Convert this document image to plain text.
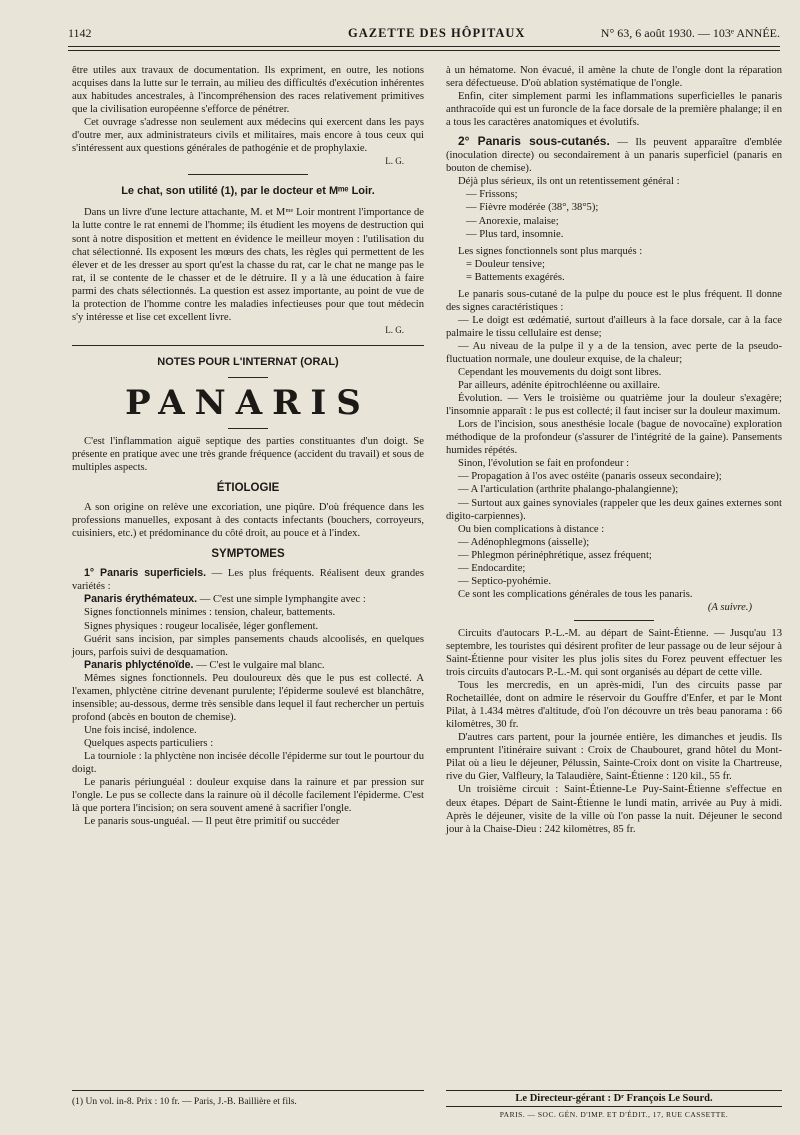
1142	GAZETTE DES HÔPITAUX	N° 63, 6 août 1930. — 103ᵉ ANNÉE.

être utiles aux travaux de documentation. Ils expriment, en outre, les notions acquises dans la lutte sur le terrain, au milieu des difficultés d'exécution inhérentes aux habitudes ancestrales, à l'incompréhension des races relativement primitives que la civilisation européenne s'efforce de pénétrer.

Cet ouvrage s'adresse non seulement aux médecins qui exercent dans les pays d'outre mer, aux administrateurs civils et militaires, mais encore à tous ceux qui s'intéressent aux questions générales de pathogénie et de prophylaxie.

L. G.

Le chat, son utilité (1), par le docteur et Mᵐᵉ Loir.

Dans un livre d'une lecture attachante, M. et Mᵐᵉ Loir montrent l'importance de la lutte contre le rat ennemi de l'homme; ils étudient les moyens de destruction qui sont à notre disposition et mettent en évidence le meilleur moyen : l'utilisation du chat sélectionné. Ils exposent les mœurs des chats, les règles qui permettent de les élever et de les dresser au sport qu'est la chasse du rat, car le chat ne mange pas le rat, il se contente de le chasser et de le détruire. Il y a là une éducation à faire parmi des chats sélectionnés. La question est assez importante, au point de vue de la protection de l'homme contre les maladies infectieuses pour que tout médecin s'y intéresse et lise cet excellent livre.

L. G.

NOTES POUR L'INTERNAT (ORAL)
PANARIS

C'est l'inflammation aiguë septique des parties constituantes d'un doigt. Se présente en pratique avec une très grande fréquence (accident du travail) et sous de multiples aspects.

ÉTIOLOGIE

A son origine on relève une excoriation, une piqûre. D'où fréquence dans les professions manuelles, exposant à des contacts infectants (bouchers, corroyeurs, cuisiniers, etc.) et prédominance du côté droit, au pouce et à l'index.

SYMPTOMES

1° Panaris superficiels. — Les plus fréquents. Réalisent deux grandes variétés :

Panaris érythémateux. — C'est une simple lymphangite avec :

Signes fonctionnels minimes : tension, chaleur, battements.

Signes physiques : rougeur localisée, léger gonflement.

Guérit sans incision, par simples pansements chauds alcoolisés, en quelques jours, parfois suivi de desquamation.

Panaris phlycténoïde. — C'est le vulgaire mal blanc.

Mêmes signes fonctionnels. Peu douloureux dès que le pus est collecté. A l'examen, phlyctène citrine devenant purulente; l'épiderme soulevé est blanchâtre, insensible; au-dessous, derme très sensible dans lequel il faut rechercher un pertuis profond (abcès en bouton de chemise).

Une fois incisé, indolence.

Quelques aspects particuliers :

La tourniole : la phlyctène non incisée décolle l'épiderme sur tout le pourtour du doigt.

Le panaris périunguéal : douleur exquise dans la rainure et par pression sur l'ongle. Le pus se collecte dans la rainure où il décolle facilement l'épiderme. C'est là que portera l'incision; on sera souvent amené à sacrifier l'ongle.

Le panaris sous-unguéal. — Il peut être primitif ou succéder

(1) Un vol. in-8. Prix : 10 fr. — Paris, J.-B. Baillière et fils.

à un hématome. Non évacué, il amène la chute de l'ongle dont la réparation sera défectueuse. D'où ablation systématique de l'ongle.

Enfin, citer simplement parmi les inflammations superficielles le panaris anthracoïde qui est un furoncle de la face dorsale de la première phalange; il en a tous les caractères anatomiques et évolutifs.

2° Panaris sous-cutanés. — Ils peuvent apparaître d'emblée (inoculation directe) ou secondairement à un panaris superficiel (panaris en bouton de chemise).

Déjà plus sérieux, ils ont un retentissement général :

— Frissons;

— Fièvre modérée (38°, 38°5);

— Anorexie, malaise;

— Plus tard, insomnie.

Les signes fonctionnels sont plus marqués :

= Douleur tensive;

= Battements exagérés.

Le panaris sous-cutané de la pulpe du pouce est le plus fréquent. Il donne des signes caractéristiques :

— Le doigt est œdématié, surtout d'ailleurs à la face dorsale, car à la face palmaire le tissu cellulaire est dense;

— Au niveau de la pulpe il y a de la tension, avec perte de la pseudo-fluctuation normale, une douleur exquise, de la chaleur;

Cependant les mouvements du doigt sont libres.

Par ailleurs, adénite épitrochléenne ou axillaire.

Évolution. — Vers le troisième ou quatrième jour la douleur s'exagère; l'insomnie apparaît : le pus est collecté; il faut inciser sur la douleur maximum.

Lors de l'incision, sous anesthésie locale (bague de novocaïne) exploration méthodique de la profondeur (s'assurer de l'intégrité de la gaine). Pansements humides répétés.

Sinon, l'évolution se fait en profondeur :

— Propagation à l'os avec ostéite (panaris osseux secondaire);

— A l'articulation (arthrite phalango-phalangienne);

— Surtout aux gaines synoviales (rappeler que les deux gaines externes sont digito-carpiennes).

Ou bien complications à distance :

— Adénophlegmons (aisselle);

— Phlegmon périnéphrétique, assez fréquent;

— Endocardite;

— Septico-pyohémie.

Ce sont les complications générales de tous les panaris.

(A suivre.)

Circuits d'autocars P.-L.-M. au départ de Saint-Étienne. — Jusqu'au 13 septembre, les touristes qui désirent profiter de leur passage ou de leur séjour à Saint-Étienne pour visiter les plus jolis sites du Forez peuvent effectuer les trois circuits d'autocars P.-L.-M. qui sont organisés au départ de cette ville.

Tous les mercredis, en un après-midi, l'un des circuits passe par Rochetaillée, dont on admire le réservoir du Gouffre d'Enfer, et par le Mont Pilat, à 1.434 mètres d'altitude, d'où l'on découvre un très beau panorama : 66 kilomètres, 30 fr.

D'autres cars partent, pour la journée entière, les dimanches et jeudis. Ils empruntent l'itinéraire suivant : Croix de Chaubouret, grand hôtel du Mont-Pilat où a lieu le déjeuner, Pélussin, Sainte-Croix dont on visite la Chartreuse, rive du Gier, Valfleury, la Talaudière, Saint-Étienne : 120 kil., 55 fr.

Un troisième circuit : Saint-Étienne-Le Puy-Saint-Étienne s'effectue en deux étapes. Départ de Saint-Étienne le lundi matin, arrivée au Puy à midi. Après le déjeuner, visite de la ville où l'on passe la nuit. Déjeuner le second jour à la Chaise-Dieu : 242 kilomètres, 85 fr.

Le Directeur-gérant : Dʳ François Le Sourd.
PARIS. — SOC. GÉN. D'IMP. ET D'ÉDIT., 17, RUE CASSETTE.
